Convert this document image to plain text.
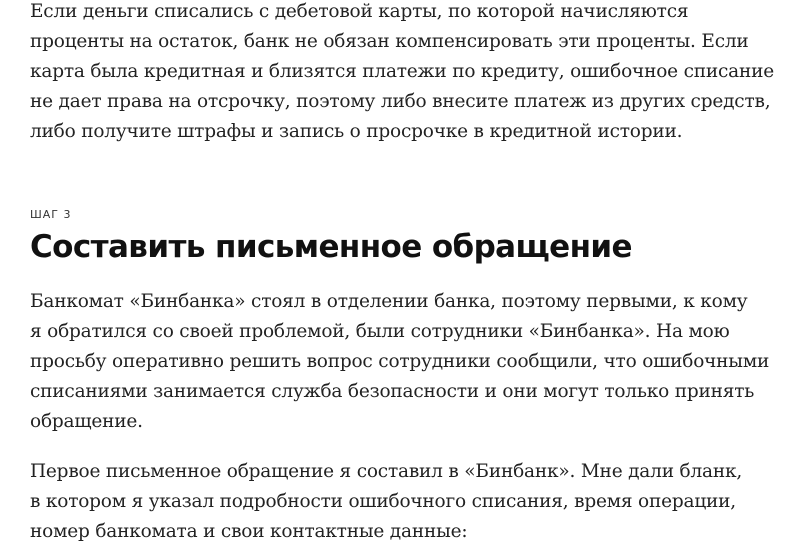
Если деньги списались с дебетовой карты, по которой начисляются
проценты на остаток, банк не обязан компенсировать эти проценты. Если
карта была кредитная и близятся платежи по кредиту, ошибочное списание
не дает права на отсрочку, поэтому либо внесите платеж из других средств,
либо получите штрафы и запись о просрочке в кредитной истории.

ШАГ 3
Составить письменное обращение

Банкомат «Бинбанка» стоял в отделении банка, поэтому первыми, к кому
я обратился со своей проблемой, были сотрудники «Бинбанка». На мою
просьбу оперативно решить вопрос сотрудники сообщили, что ошибочными
списаниями занимается служба безопасности и они могут только принять
обращение.

Первое письменное обращение я составил в «Бинбанк». Мне дали бланк,
в котором я указал подробности ошибочного списания, время операции,
номер банкомата и свои контактные данные:
